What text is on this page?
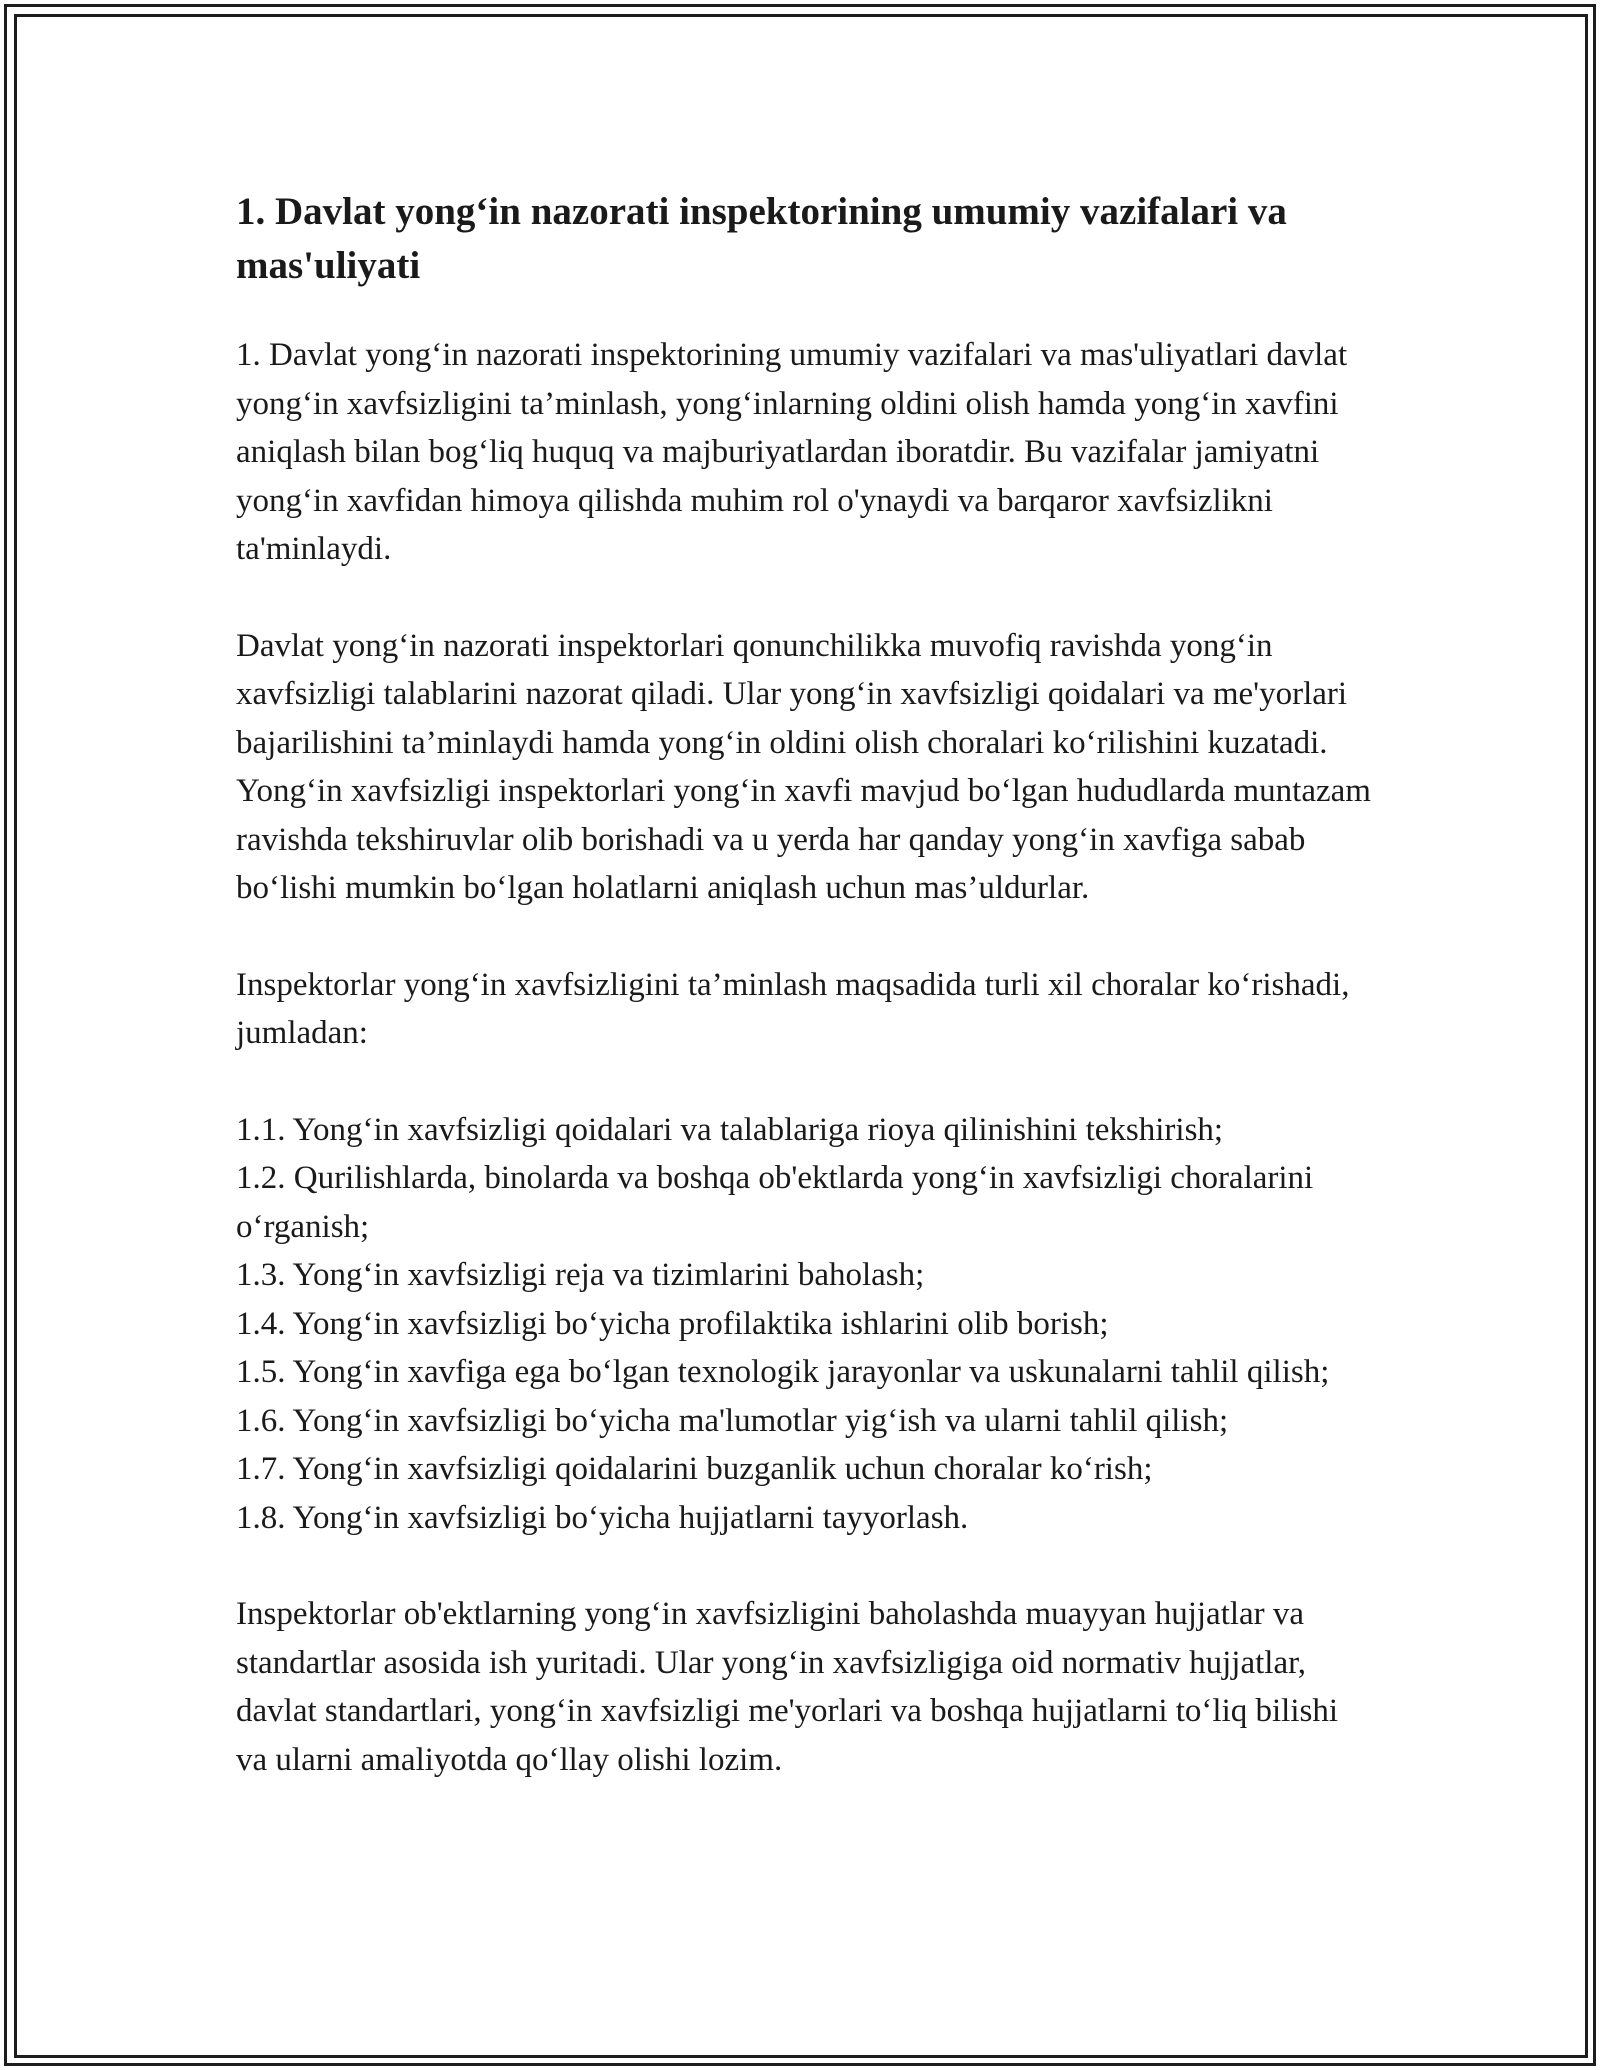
1. Davlat yong‘in nazorati inspektorining umumiy vazifalari va mas'uliyati

1. Davlat yong‘in nazorati inspektorining umumiy vazifalari va mas'uliyatlari davlat yong‘in xavfsizligini ta’minlash, yong‘inlarning oldini olish hamda yong‘in xavfini aniqlash bilan bog‘liq huquq va majburiyatlardan iboratdir. Bu vazifalar jamiyatni yong‘in xavfidan himoya qilishda muhim rol o'ynaydi va barqaror xavfsizlikni ta'minlaydi.

Davlat yong‘in nazorati inspektorlari qonunchilikka muvofiq ravishda yong‘in xavfsizligi talablarini nazorat qiladi. Ular yong‘in xavfsizligi qoidalari va me'yorlari bajarilishini ta’minlaydi hamda yong‘in oldini olish choralari ko‘rilishini kuzatadi. Yong‘in xavfsizligi inspektorlari yong‘in xavfi mavjud bo‘lgan hududlarda muntazam ravishda tekshiruvlar olib borishadi va u yerda har qanday yong‘in xavfiga sabab bo‘lishi mumkin bo‘lgan holatlarni aniqlash uchun mas’uldurlar.

Inspektorlar yong‘in xavfsizligini ta’minlash maqsadida turli xil choralar ko‘rishadi, jumladan:

1.1. Yong‘in xavfsizligi qoidalari va talablariga rioya qilinishini tekshirish;
1.2. Qurilishlarda, binolarda va boshqa ob'ektlarda yong‘in xavfsizligi choralarini o‘rganish;
1.3. Yong‘in xavfsizligi reja va tizimlarini baholash;
1.4. Yong‘in xavfsizligi bo‘yicha profilaktika ishlarini olib borish;
1.5. Yong‘in xavfiga ega bo‘lgan texnologik jarayonlar va uskunalarni tahlil qilish;
1.6. Yong‘in xavfsizligi bo‘yicha ma'lumotlar yig‘ish va ularni tahlil qilish;
1.7. Yong‘in xavfsizligi qoidalarini buzganlik uchun choralar ko‘rish;
1.8. Yong‘in xavfsizligi bo‘yicha hujjatlarni tayyorlash.

Inspektorlar ob'ektlarning yong‘in xavfsizligini baholashda muayyan hujjatlar va standartlar asosida ish yuritadi. Ular yong‘in xavfsizligiga oid normativ hujjatlar, davlat standartlari, yong‘in xavfsizligi me'yorlari va boshqa hujjatlarni to‘liq bilishi va ularni amaliyotda qo‘llay olishi lozim.
